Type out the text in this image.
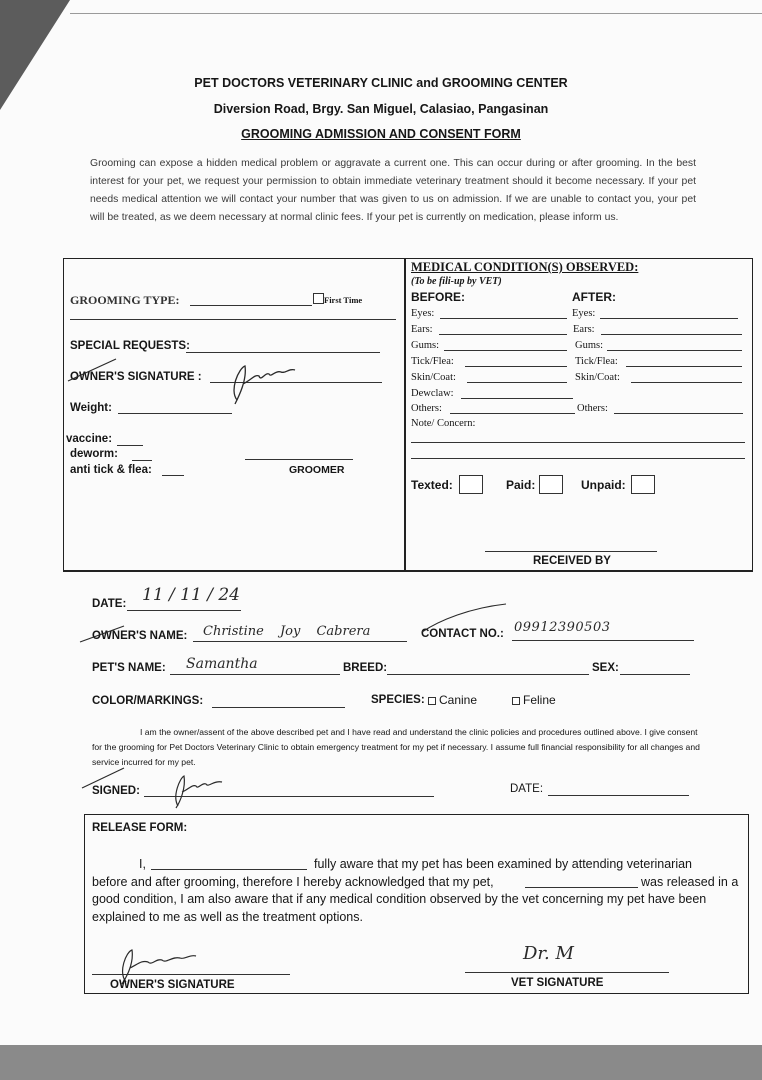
PET DOCTORS VETERINARY CLINIC and GROOMING CENTER
Diversion Road, Brgy. San Miguel, Calasiao, Pangasinan
GROOMING ADMISSION AND CONSENT FORM
Grooming can expose a hidden medical problem or aggravate a current one. This can occur during or after grooming. In the best interest for your pet, we request your permission to obtain immediate veterinary treatment should it become necessary. If your pet needs medical attention we will contact your number that was given to us on admission. If we are unable to contact you, your pet will be treated, as we deem necessary at normal clinic fees. If your pet is currently on medication, please inform us.
GROOMING TYPE:	First Time
SPECIAL REQUESTS:
OWNER'S SIGNATURE :
Weight:
vaccine:
deworm:
anti tick & flea:	GROOMER
MEDICAL CONDITION(S) OBSERVED:
(To be fili-up by VET)
BEFORE:	AFTER:
Eyes:	Eyes:
Ears:	Ears:
Gums:	Gums:
Tick/Flea:	Tick/Flea:
Skin/Coat:	Skin/Coat:
Dewclaw:
Others:	Others:
Note/ Concern:
Texted:	Paid:	Unpaid:
RECEIVED BY
DATE: 11 / 11 / 24
OWNER'S NAME: Christine Joy Cabrera	CONTACT NO.: 09912390503
PET'S NAME: Samantha	BREED:	SEX:
COLOR/MARKINGS:	SPECIES: Canine	Feline
I am the owner/assent of the above described pet and I have read and understand the clinic policies and procedures outlined above. I give consent for the grooming for Pet Doctors Veterinary Clinic to obtain emergency treatment for my pet if necessary. I assume full financial responsibility for all changes and service incurred for my pet.
SIGNED:	DATE:
RELEASE FORM:
I,	fully aware that my pet has been examined by attending veterinarian
before and after grooming, therefore I hereby acknowledged that my pet,	was released in a
good condition, I am also aware that if any medical condition observed by the vet concerning my pet have been
explained to me as well as the treatment options.
OWNER'S SIGNATURE
Dr. M
VET SIGNATURE
